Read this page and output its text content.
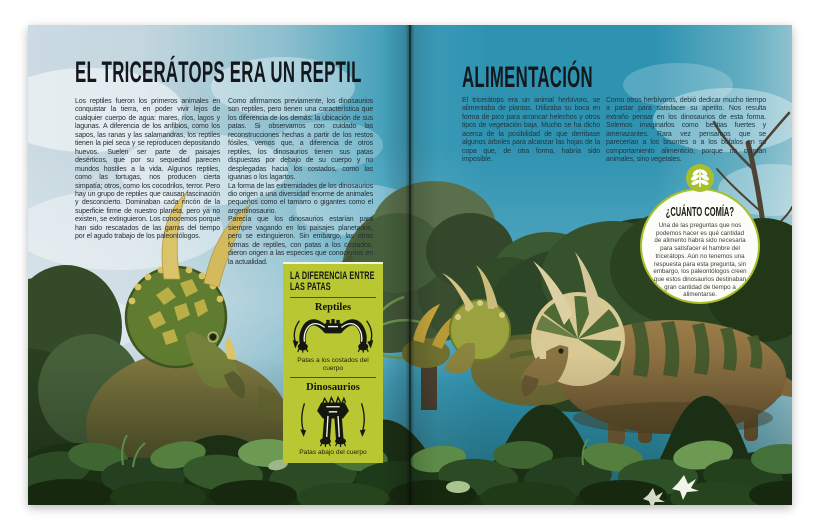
EL TRICERÁTOPS ERA UN REPTIL

Los reptiles fueron los primeros animales en conquistar la tierra, en poder vivir lejos de cualquier cuerpo de agua: mares, ríos, lagos y lagunas. A diferencia de los anfibios, como los sapos, las ranas y las salamandras, los reptiles tienen la piel seca y se reproducen depositando huevos. Suelen ser parte de paisajes desérticos, que por su sequedad parecen mundos hostiles a la vida. Algunos reptiles, como las tortugas, nos producen cierta simpatía; otros, como los cocodrilos, terror. Pero hay un grupo de reptiles que causan fascinación y desconcierto. Dominaban cada rincón de la superficie firme de nuestro planeta, pero ya no existen, se extinguieron. Los conocemos porque han sido rescatados de las garras del tiempo por el agudo trabajo de los paleontólogos.

Como afirmamos previamente, los dinosaurios son reptiles, pero tienen una característica que los diferencia de los demás: la ubicación de sus patas. Si observamos con cuidado las reconstrucciones hechas a partir de los restos fósiles, vemos que, a diferencia de otros reptiles, los dinosaurios tienen sus patas dispuestas por debajo de su cuerpo y no desplegadas hacia los costados, como las iguanas o los lagartos.

La forma de las extremidades de los dinosaurios dio origen a una diversidad enorme de animales pequeños como el tamarro o gigantes como el argentinosaurio.

Parecía que los dinosaurios estarían para siempre vagando en los paisajes planetarios, pero se extinguieron. Sin embargo, las otras formas de reptiles, con patas a los costados, dieron origen a las especies que conocemos en la actualidad.

LA DIFERENCIA ENTRE LAS PATAS
Reptiles
Patas a los costados del cuerpo
Dinosaurios
Patas abajo del cuerpo
ALIMENTACIÓN

El tricerátops era un animal herbívoro, se alimentaba de plantas. Utilizaba su boca en forma de pico para arrancar helechos y otros tipos de vegetación baja. Mucho se ha dicho acerca de la posibilidad de que derribase algunos árboles para alcanzar las hojas de la copa que, de otra forma, habría sido imposible.

Como otros herbívoros, debió dedicar mucho tiempo a pastar para satisfacer su apetito. Nos resulta extraño pensar en los dinosaurios de esta forma. Solemos imaginarlos como bestias fuertes y amenazantes. Rara vez pensamos que se parecerían a los bisontes o a los búfalos en su comportamiento alimenticio, porque no comían animales, sino vegetales.

¿CUÁNTO COMÍA?
Una de las preguntas que nos podemos hacer es qué cantidad de alimento habrá sido necesaria para satisfacer el hambre del tricerátops. Aún no tenemos una respuesta para esta pregunta, sin embargo, los paleontólogos creen que estos dinosaurios destinaban gran cantidad de tiempo a alimentarse.
